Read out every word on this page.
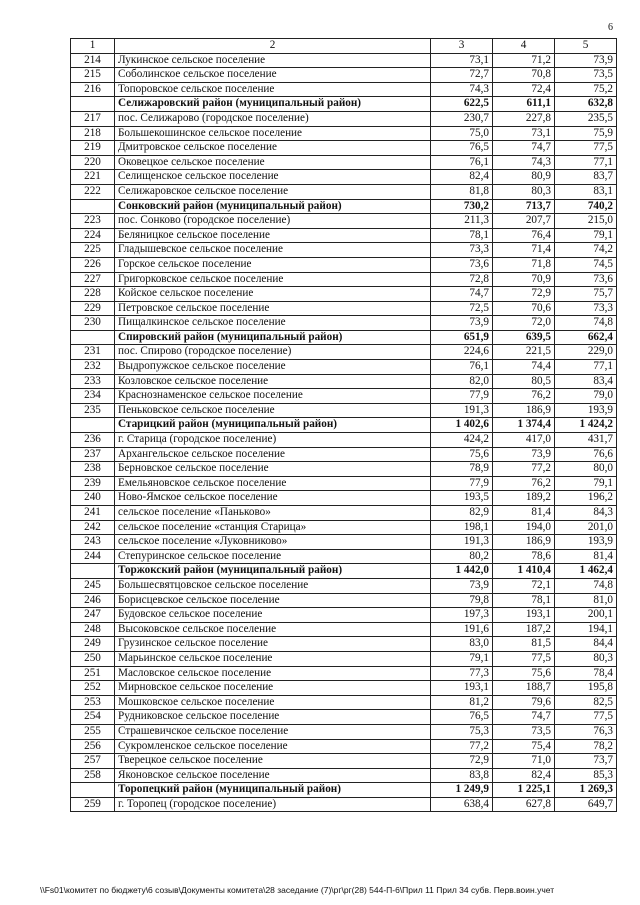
6
1	2	3	4	5
214	Лукинское сельское поселение	73,1	71,2	73,9
215	Соболинское сельское поселение	72,7	70,8	73,5
216	Топоровское сельское поселение	74,3	72,4	75,2
	Селижаровский район (муниципальный район)	622,5	611,1	632,8
217	пос. Селижарово (городское поселение)	230,7	227,8	235,5
218	Большекошинское сельское поселение	75,0	73,1	75,9
219	Дмитровское сельское поселение	76,5	74,7	77,5
220	Оковецкое сельское поселение	76,1	74,3	77,1
221	Селищенское сельское поселение	82,4	80,9	83,7
222	Селижаровское сельское поселение	81,8	80,3	83,1
	Сонковский район (муниципальный район)	730,2	713,7	740,2
223	пос. Сонково (городское поселение)	211,3	207,7	215,0
224	Беляницкое сельское поселение	78,1	76,4	79,1
225	Гладышевское сельское поселение	73,3	71,4	74,2
226	Горское сельское поселение	73,6	71,8	74,5
227	Григорковское сельское поселение	72,8	70,9	73,6
228	Койское сельское поселение	74,7	72,9	75,7
229	Петровское сельское поселение	72,5	70,6	73,3
230	Пищалкинское сельское поселение	73,9	72,0	74,8
	Спировский район (муниципальный район)	651,9	639,5	662,4
231	пос. Спирово (городское поселение)	224,6	221,5	229,0
232	Выдропужское сельское поселение	76,1	74,4	77,1
233	Козловское сельское поселение	82,0	80,5	83,4
234	Краснознаменское сельское поселение	77,9	76,2	79,0
235	Пеньковское сельское поселение	191,3	186,9	193,9
	Старицкий район (муниципальный район)	1 402,6	1 374,4	1 424,2
236	г. Старица (городское поселение)	424,2	417,0	431,7
237	Архангельское сельское поселение	75,6	73,9	76,6
238	Берновское сельское поселение	78,9	77,2	80,0
239	Емельяновское сельское поселение	77,9	76,2	79,1
240	Ново-Ямское сельское поселение	193,5	189,2	196,2
241	сельское поселение «Паньково»	82,9	81,4	84,3
242	сельское поселение «станция Старица»	198,1	194,0	201,0
243	сельское поселение «Луковниково»	191,3	186,9	193,9
244	Степуринское сельское поселение	80,2	78,6	81,4
	Торжокский район (муниципальный район)	1 442,0	1 410,4	1 462,4
245	Большесвятцовское сельское поселение	73,9	72,1	74,8
246	Борисцевское сельское поселение	79,8	78,1	81,0
247	Будовское сельское поселение	197,3	193,1	200,1
248	Высоковское сельское поселение	191,6	187,2	194,1
249	Грузинское сельское поселение	83,0	81,5	84,4
250	Марьинское сельское поселение	79,1	77,5	80,3
251	Масловское сельское поселение	77,3	75,6	78,4
252	Мирновское сельское поселение	193,1	188,7	195,8
253	Мошковское сельское поселение	81,2	79,6	82,5
254	Рудниковское сельское поселение	76,5	74,7	77,5
255	Страшевичское сельское поселение	75,3	73,5	76,3
256	Сукромленское сельское поселение	77,2	75,4	78,2
257	Тверецкое сельское поселение	72,9	71,0	73,7
258	Яконовское сельское поселение	83,8	82,4	85,3
	Торопецкий район (муниципальный район)	1 249,9	1 225,1	1 269,3
259	г. Торопец (городское поселение)	638,4	627,8	649,7
\\Fs01\комитет по бюджету\6 созыв\Документы комитета\28 заседание (7)\рг\рг(28) 544-П-6\Прил 11 Прил 34 субв. Перв.воин.учет
